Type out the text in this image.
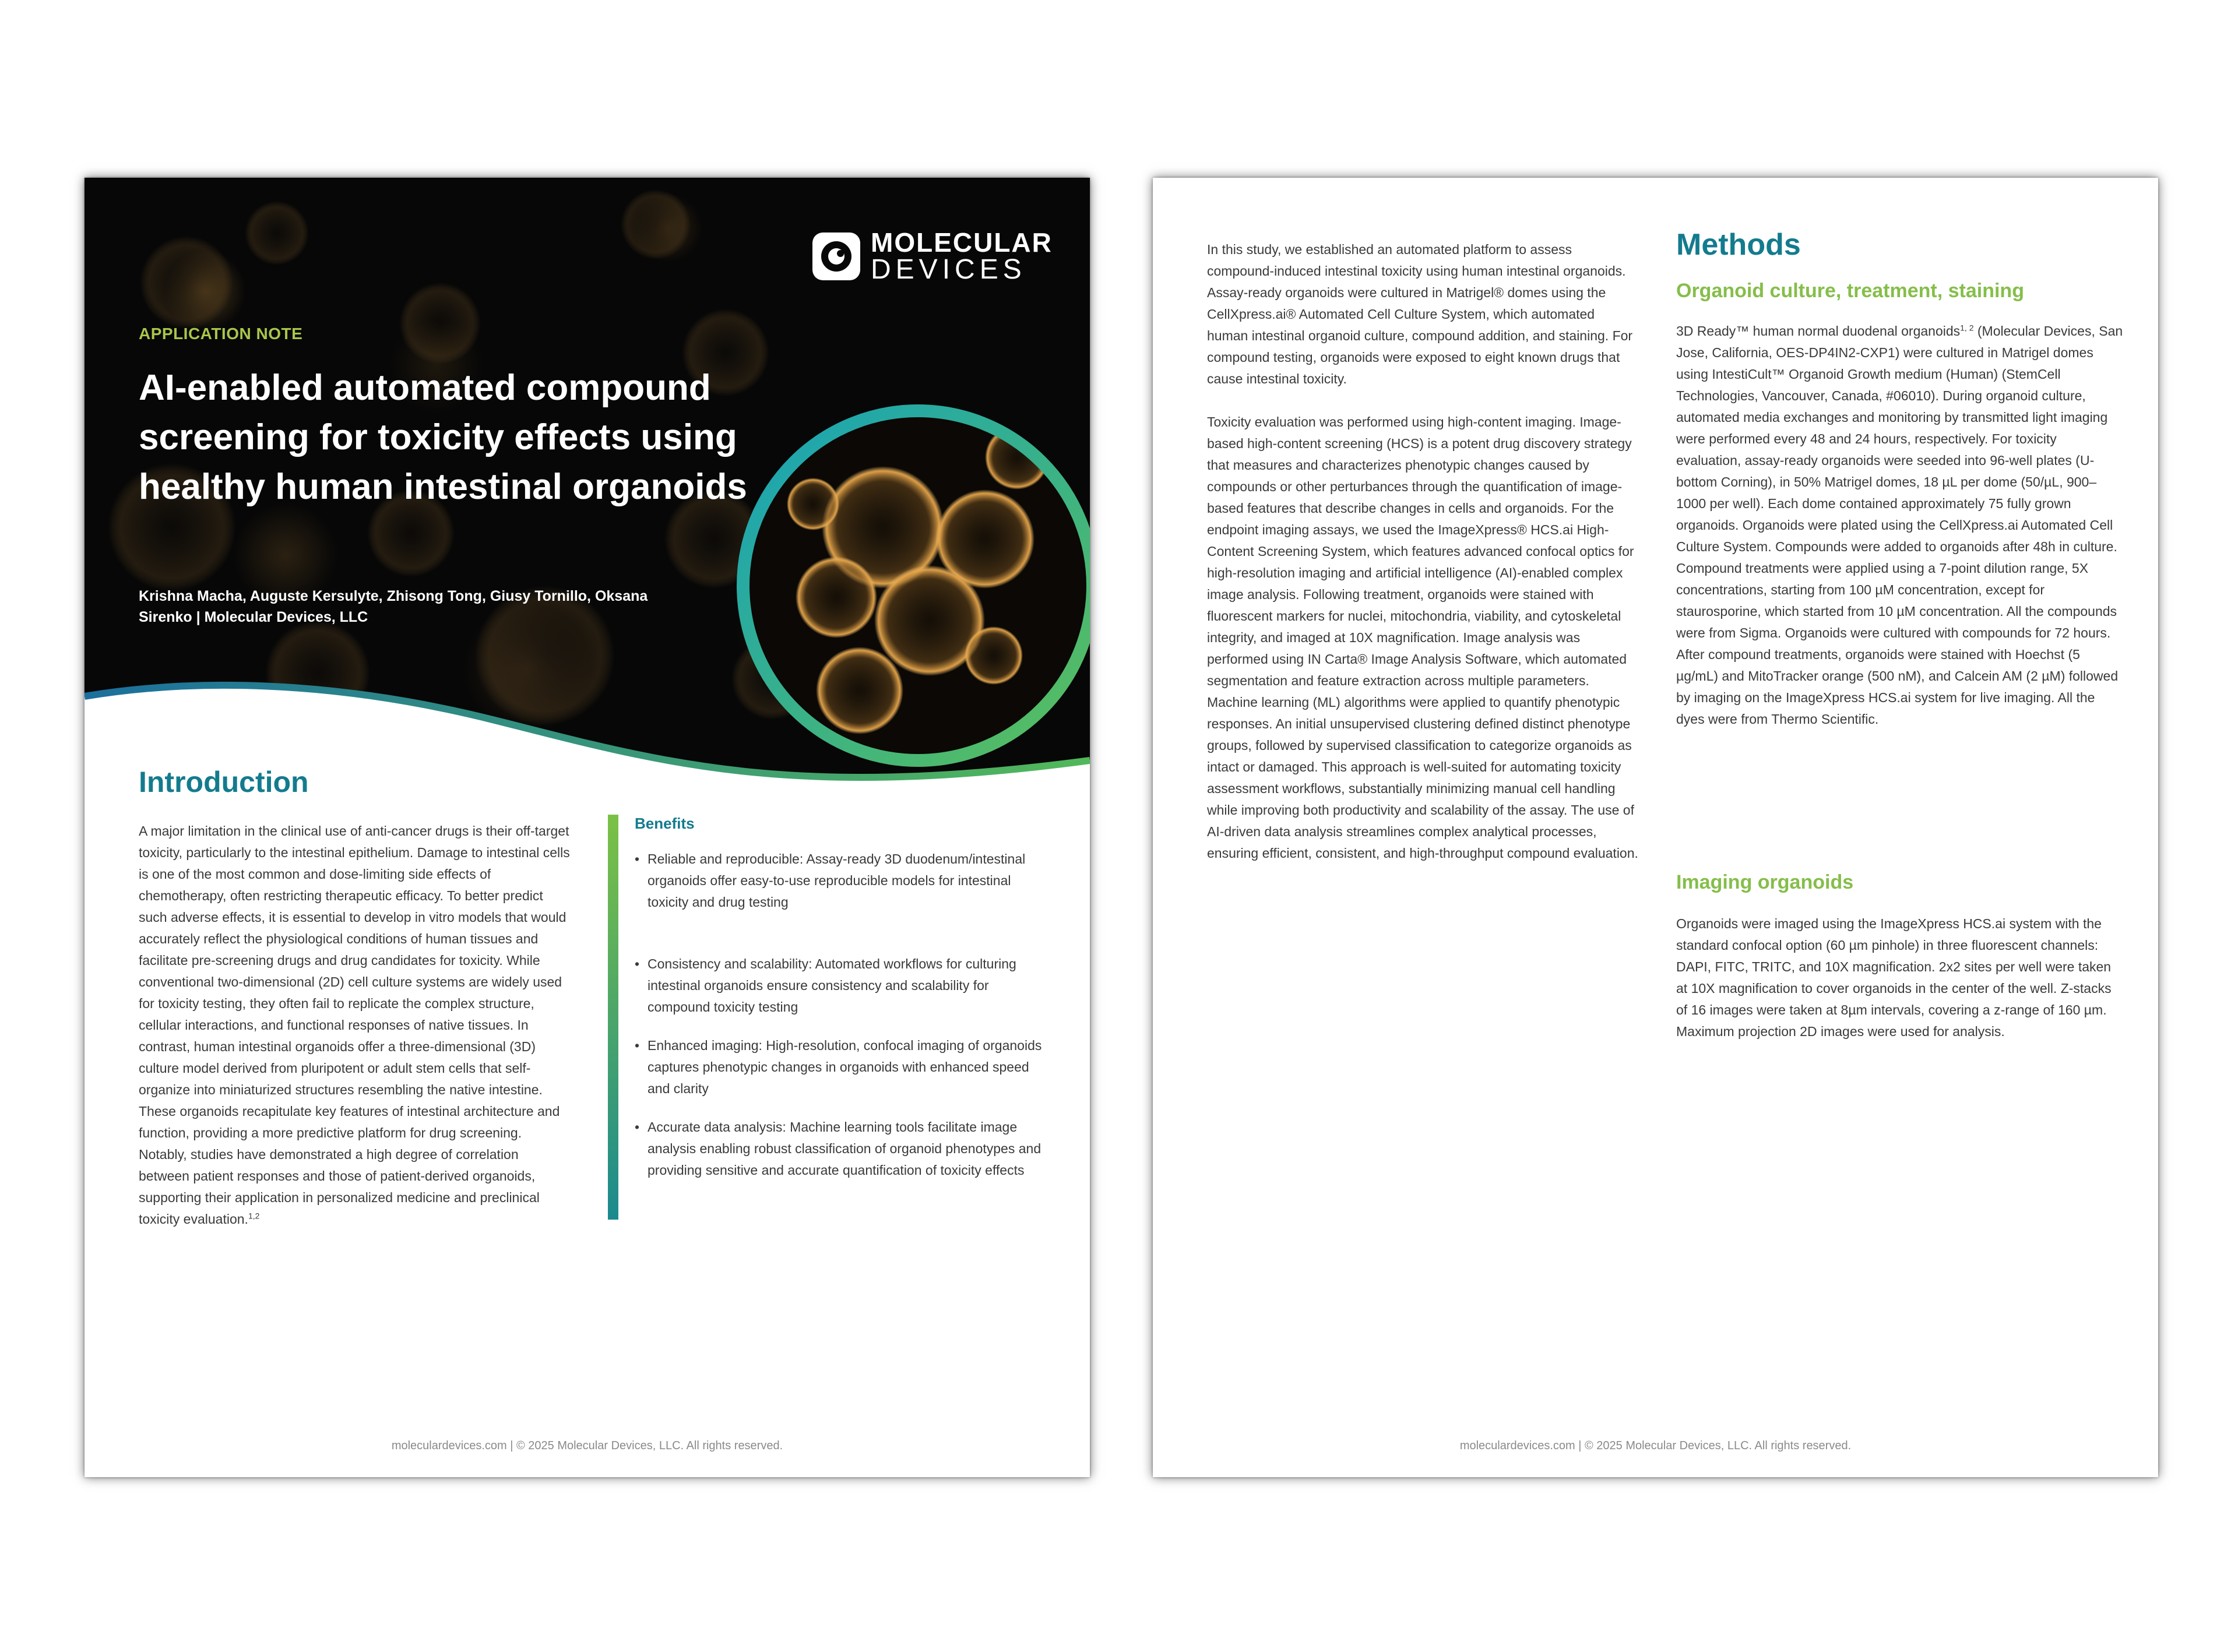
MOLECULAR
DEVICES
APPLICATION NOTE
AI-enabled automated compound screening for toxicity effects using healthy human intestinal organoids
Krishna Macha, Auguste Kersulyte, Zhisong Tong, Giusy Tornillo, Oksana Sirenko | Molecular Devices, LLC
Introduction

A major limitation in the clinical use of anti-cancer drugs is their off-target toxicity, particularly to the intestinal epithelium. Damage to intestinal cells is one of the most common and dose-limiting side effects of chemotherapy, often restricting therapeutic efficacy. To better predict such adverse effects, it is essential to develop in vitro models that would accurately reflect the physiological conditions of human tissues and facilitate pre-screening drugs and drug candidates for toxicity. While conventional two-dimensional (2D) cell culture systems are widely used for toxicity testing, they often fail to replicate the complex structure, cellular interactions, and functional responses of native tissues. In contrast, human intestinal organoids offer a three-dimensional (3D) culture model derived from pluripotent or adult stem cells that self-organize into miniaturized structures resembling the native intestine. These organoids recapitulate key features of intestinal architecture and function, providing a more predictive platform for drug screening. Notably, studies have demonstrated a high degree of correlation between patient responses and those of patient-derived organoids, supporting their application in personalized medicine and preclinical toxicity evaluation.$^{1,2}$

Benefits
• Reliable and reproducible: Assay-ready 3D duodenum/intestinal organoids offer easy-to-use reproducible models for intestinal toxicity and drug testing
• Consistency and scalability: Automated workflows for culturing intestinal organoids ensure consistency and scalability for compound toxicity testing
• Enhanced imaging: High-resolution, confocal imaging of organoids captures phenotypic changes in organoids with enhanced speed and clarity
• Accurate data analysis: Machine learning tools facilitate image analysis enabling robust classification of organoid phenotypes and providing sensitive and accurate quantification of toxicity effects
moleculardevices.com | © 2025 Molecular Devices, LLC. All rights reserved.

In this study, we established an automated platform to assess compound-induced intestinal toxicity using human intestinal organoids. Assay-ready organoids were cultured in Matrigel® domes using the CellXpress.ai® Automated Cell Culture System, which automated human intestinal organoid culture, compound addition, and staining. For compound testing, organoids were exposed to eight known drugs that cause intestinal toxicity.

Toxicity evaluation was performed using high-content imaging. Image-based high-content screening (HCS) is a potent drug discovery strategy that measures and characterizes phenotypic changes caused by compounds or other perturbances through the quantification of image-based features that describe changes in cells and organoids. For the endpoint imaging assays, we used the ImageXpress® HCS.ai High-Content Screening System, which features advanced confocal optics for high-resolution imaging and artificial intelligence (AI)-enabled complex image analysis. Following treatment, organoids were stained with fluorescent markers for nuclei, mitochondria, viability, and cytoskeletal integrity, and imaged at 10X magnification. Image analysis was performed using IN Carta® Image Analysis Software, which automated segmentation and feature extraction across multiple parameters. Machine learning (ML) algorithms were applied to quantify phenotypic responses. An initial unsupervised clustering defined distinct phenotype groups, followed by supervised classification to categorize organoids as intact or damaged. This approach is well-suited for automating toxicity assessment workflows, substantially minimizing manual cell handling while improving both productivity and scalability of the assay. The use of AI-driven data analysis streamlines complex analytical processes, ensuring efficient, consistent, and high-throughput compound evaluation.

Methods
Organoid culture, treatment, staining

3D Ready™ human normal duodenal organoids$^{1, 2}$ (Molecular Devices, San Jose, California, OES-DP4IN2-CXP1) were cultured in Matrigel domes using IntestiCult™ Organoid Growth medium (Human) (StemCell Technologies, Vancouver, Canada, #06010). During organoid culture, automated media exchanges and monitoring by transmitted light imaging were performed every 48 and 24 hours, respectively. For toxicity evaluation, assay-ready organoids were seeded into 96-well plates (U-bottom Corning), in 50% Matrigel domes, 18 µL per dome (50/µL, 900–1000 per well). Each dome contained approximately 75 fully grown organoids. Organoids were plated using the CellXpress.ai Automated Cell Culture System. Compounds were added to organoids after 48h in culture. Compound treatments were applied using a 7-point dilution range, 5X concentrations, starting from 100 µM concentration, except for staurosporine, which started from 10 µM concentration. All the compounds were from Sigma. Organoids were cultured with compounds for 72 hours. After compound treatments, organoids were stained with Hoechst (5 µg/mL) and MitoTracker orange (500 nM), and Calcein AM (2 µM) followed by imaging on the ImageXpress HCS.ai system for live imaging. All the dyes were from Thermo Scientific.

Imaging organoids

Organoids were imaged using the ImageXpress HCS.ai system with the standard confocal option (60 µm pinhole) in three fluorescent channels: DAPI, FITC, TRITC, and 10X magnification. 2x2 sites per well were taken at 10X magnification to cover organoids in the center of the well. Z-stacks of 16 images were taken at 8µm intervals, covering a z-range of 160 µm. Maximum projection 2D images were used for analysis.

moleculardevices.com | © 2025 Molecular Devices, LLC. All rights reserved.
